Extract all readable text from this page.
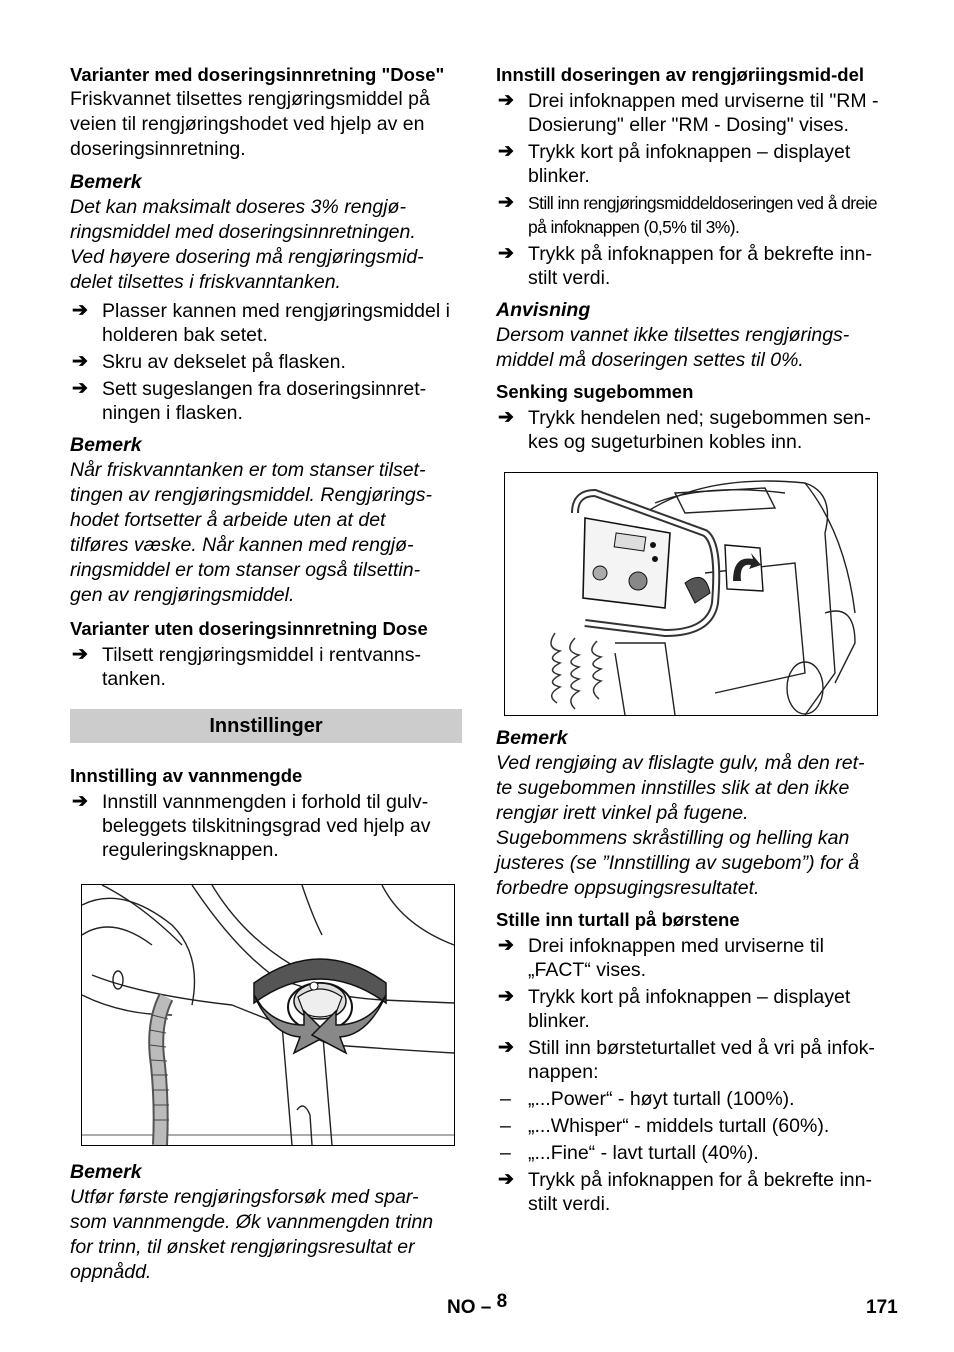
Varianter med doseringsinnretning "Dose"

Friskvannet tilsettes rengjøringsmiddel på veien til rengjøringshodet ved hjelp av en doseringsinnretning.

Bemerk

Det kan maksimalt doseres 3% rengjø-
ringsmiddel med doseringsinnretningen.
Ved høyere dosering må rengjøringsmid-
delet tilsettes i friskvanntanken.
➔ Plasser kannen med rengjøringsmiddel i holderen bak setet.
➔ Skru av dekselet på flasken.
➔ Sett sugeslangen fra doseringsinnret-ningen i flasken.

Bemerk

Når friskvanntanken er tom stanser tilset-
tingen av rengjøringsmiddel. Rengjørings-
hodet fortsetter å arbeide uten at det
tilføres væske. Når kannen med rengjø-
ringsmiddel er tom stanser også tilsettin-
gen av rengjøringsmiddel.

Varianter uten doseringsinnretning Dose

➔ Tilsett rengjøringsmiddel i rentvanns-tanken.
Innstillinger

Innstilling av vannmengde

➔ Innstill vannmengden i forhold til gulv-beleggets tilskitningsgrad ved hjelp av reguleringsknappen.

Bemerk

Utfør første rengjøringsforsøk med spar-
som vannmengde. Øk vannmengden trinn
for trinn, til ønsket rengjøringsresultat er
oppnådd.

Innstill doseringen av rengjøriingsmid-del

➔ Drei infoknappen med urviserne til "RM - Dosierung" eller "RM - Dosing" vises.
➔ Trykk kort på infoknappen – displayet blinker.
➔ Still inn rengjøringsmiddeldoseringen ved å dreie på infoknappen (0,5% til 3%).
➔ Trykk på infoknappen for å bekrefte inn-stilt verdi.

Anvisning

Dersom vannet ikke tilsettes rengjørings-
middel må doseringen settes til 0%.

Senking sugebommen

➔ Trykk hendelen ned; sugebommen sen-kes og sugeturbinen kobles inn.

Bemerk

Ved rengjøing av flislagte gulv, må den ret-
te sugebommen innstilles slik at den ikke
rengjør irett vinkel på fugene.
Sugebommens skråstilling og helling kan
justeres (se ”Innstilling av sugebom”) for å
forbedre oppsugingsresultatet.

Stille inn turtall på børstene

➔ Drei infoknappen med urviserne til „FACT“ vises.
➔ Trykk kort på infoknappen – displayet blinker.
➔ Still inn børsteturtallet ved å vri på infok-nappen:
– „...Power“ - høyt turtall (100%).
– „...Whisper“ - middels turtall (60%).
– „...Fine“ - lavt turtall (40%).
➔ Trykk på infoknappen for å bekrefte inn-stilt verdi.
NO – 8	171
